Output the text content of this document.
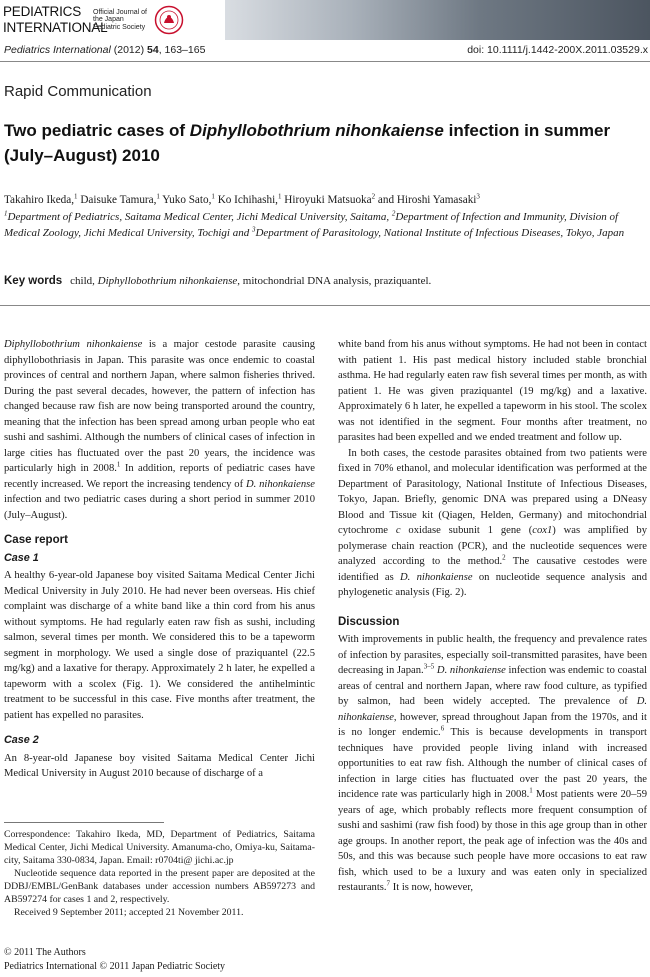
PEDIATRICS
INTERNATIONAL
Official Journal of the Japan Pediatric Society
Pediatrics International (2012) 54, 163–165	doi: 10.1111/j.1442-200X.2011.03529.x
Rapid Communication
Two pediatric cases of Diphyllobothrium nihonkaiense infection in summer (July–August) 2010
Takahiro Ikeda,$^1$ Daisuke Tamura,$^1$ Yuko Sato,$^1$ Ko Ichihashi,$^1$ Hiroyuki Matsuoka$^2$ and Hiroshi Yamasaki$^3$
$^1$Department of Pediatrics, Saitama Medical Center, Jichi Medical University, Saitama, $^2$Department of Infection and Immunity, Division of Medical Zoology, Jichi Medical University, Tochigi and $^3$Department of Parasitology, National Institute of Infectious Diseases, Tokyo, Japan
Key words child, Diphyllobothrium nihonkaiense, mitochondrial DNA analysis, praziquantel.

Diphyllobothrium nihonkaiense is a major cestode parasite causing diphyllobothriasis in Japan. This parasite was once endemic to coastal provinces of central and northern Japan, where salmon fisheries thrived. During the past several decades, however, the pattern of infection has changed because raw fish are now being transported around the country, meaning that the infection has been spread among urban people who eat sushi and sashimi. Although the numbers of clinical cases of infection in large cities has fluctuated over the past 20 years, the incidence was particularly high in 2008.$^1$ In addition, reports of pediatric cases have recently increased. We report the increasing tendency of D. nihonkaiense infection and two pediatric cases during a short period in summer 2010 (July–August).

Case report
Case 1

A healthy 6-year-old Japanese boy visited Saitama Medical Center Jichi Medical University in July 2010. He had never been overseas. His chief complaint was discharge of a white band like a thin cord from his anus without symptoms. He had regularly eaten raw fish as sushi, including salmon, several times per month. We considered this to be a tapeworm segment in morphology. We used a single dose of praziquantel (22.5 mg/kg) and a laxative for therapy. Approximately 2 h later, he expelled a tapeworm with a scolex (Fig. 1). We considered the antihelmintic treatment to be successful in this case. Five months after treatment, the patient has expelled no parasites.

Case 2

An 8-year-old Japanese boy visited Saitama Medical Center Jichi Medical University in August 2010 because of discharge of a

Correspondence: Takahiro Ikeda, MD, Department of Pediatrics, Saitama Medical Center, Jichi Medical University. Amanuma-cho, Omiya-ku, Saitama-city, Saitama 330-0834, Japan. Email: r0704ti@ jichi.ac.jp

Nucleotide sequence data reported in the present paper are deposited at the DDBJ/EMBL/GenBank databases under accession numbers AB597273 and AB597274 for cases 1 and 2, respectively.

Received 9 September 2011; accepted 21 November 2011.

© 2011 The Authors
Pediatrics International © 2011 Japan Pediatric Society

white band from his anus without symptoms. He had not been in contact with patient 1. His past medical history included stable bronchial asthma. He had regularly eaten raw fish several times per month, as with patient 1. He was given praziquantel (19 mg/kg) and a laxative. Approximately 6 h later, he expelled a tapeworm in his stool. The scolex was not identified in the segment. Four months after treatment, no parasites had been expelled and we ended treatment and follow up.

In both cases, the cestode parasites obtained from two patients were fixed in 70% ethanol, and molecular identification was performed at the Department of Parasitology, National Institute of Infectious Diseases, Tokyo, Japan. Briefly, genomic DNA was prepared using a DNeasy Blood and Tissue kit (Qiagen, Helden, Germany) and mitochondrial cytochrome c oxidase subunit 1 gene (cox1) was amplified by polymerase chain reaction (PCR), and the nucleotide sequences were analyzed according to the method.$^2$ The causative cestodes were identified as D. nihonkaiense on nucleotide sequence analysis and phylogenetic analysis (Fig. 2).

Discussion

With improvements in public health, the frequency and prevalence rates of infection by parasites, especially soil-transmitted parasites, have been decreasing in Japan.$^{3-5}$ D. nihonkaiense infection was endemic to coastal areas of central and northern Japan, where raw food culture, as typified by salmon, had been widely accepted. The prevalence of D. nihonkaiense, however, spread throughout Japan from the 1970s, and it is no longer endemic.$^6$ This is because developments in transport techniques have provided people living inland with increased opportunities to eat raw fish. Although the number of clinical cases of infection in large cities has fluctuated over the past 20 years, the incidence rate was particularly high in 2008.$^1$ Most patients were 20–59 years of age, which probably reflects more frequent consumption of sushi and sashimi (raw fish food) by those in this age group than in other age groups. In another report, the peak age of infection was the 40s and 50s, and this was because such people have more occasions to eat raw fish, which used to be a luxury and was eaten only in specialized restaurants.$^7$ It is now, however,
